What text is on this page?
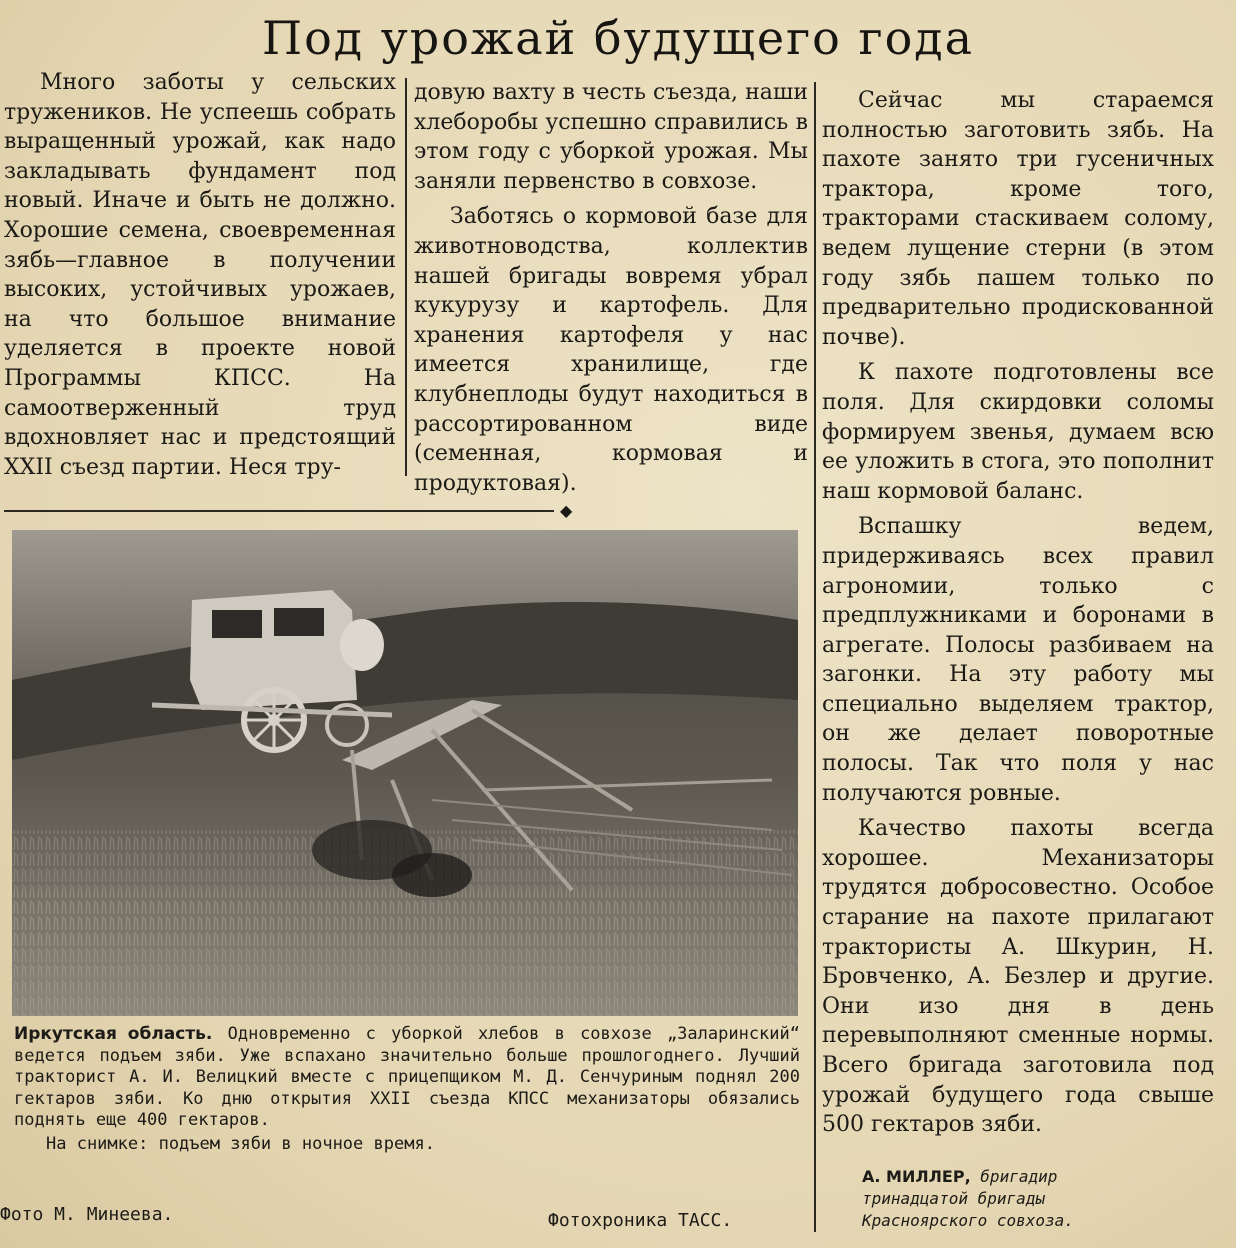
Под урожай будущего года

Много заботы у сельских тружеников. Не успеешь собрать выращенный урожай, как надо закладывать фундамент под новый. Иначе и быть не должно. Хорошие семена, своевременная зябь—главное в получении высоких, устойчивых урожаев, на что большое внимание уделяется в проекте новой Программы КПСС. На самоотверженный труд вдохновляет нас и предстоящий XXII съезд партии. Неся тру-

довую вахту в честь съезда, наши хлеборобы успешно справились в этом году с уборкой урожая. Мы заняли первенство в совхозе.

Заботясь о кормовой базе для животноводства, коллектив нашей бригады вовремя убрал кукурузу и картофель. Для хранения картофеля у нас имеется хранилище, где клубнеплоды будут находиться в рассортированном виде (семенная, кормовая и продуктовая).

◆

Сейчас мы стараемся полностью заготовить зябь. На пахоте занято три гусеничных трактора, кроме того, тракторами стаскиваем солому, ведем лущение стерни (в этом году зябь пашем только по предварительно продискованной почве).

К пахоте подготовлены все поля. Для скирдовки соломы формируем звенья, думаем всю ее уложить в стога, это пополнит наш кормовой баланс.

Вспашку ведем, придерживаясь всех правил агрономии, только с предплужниками и боронами в агрегате. Полосы разбиваем на загонки. На эту работу мы специально выделяем трактор, он же делает поворотные полосы. Так что поля у нас получаются ровные.

Качество пахоты всегда хорошее. Механизаторы трудятся добросовестно. Особое старание на пахоте прилагают трактористы А. Шкурин, Н. Бровченко, А. Безлер и другие. Они изо дня в день перевыполняют сменные нормы. Всего бригада заготовила под урожай будущего года свыше 500 гектаров зяби.

Иркутская область. Одновременно с уборкой хлебов в совхозе „Заларинский“ ведется подъем зяби. Уже вспахано значительно больше прошлогоднего. Лучший тракторист А. И. Велицкий вместе с прицепщиком М. Д. Сенчуриным поднял 200 гектаров зяби. Ко дню открытия XXII съезда КПСС механизаторы обязались поднять еще 400 гектаров.
На снимке: подъем зяби в ночное время.
Фото М. Минеева.	Фотохроника ТАСС.
А. МИЛЛЕР, бригадир тринадцатой бригады Красноярского совхоза.
